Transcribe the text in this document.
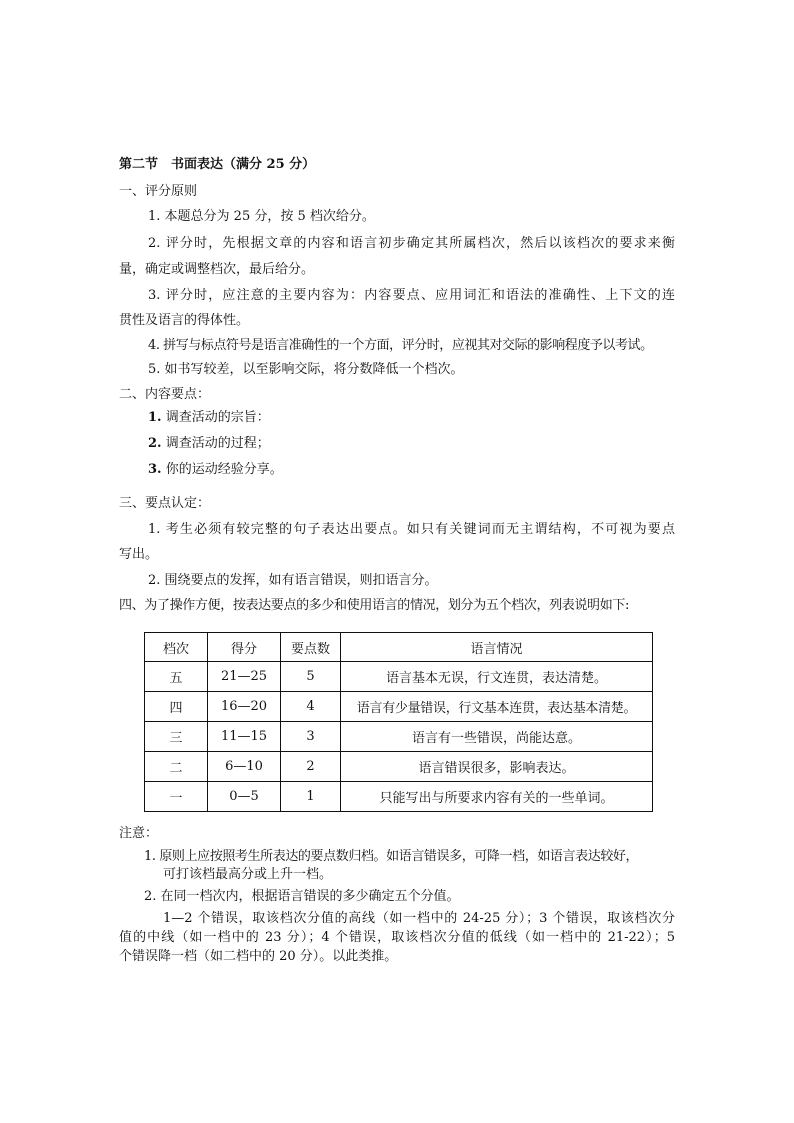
第二节　书面表达（满分 25 分）
一、评分原则
1. 本题总分为 25 分，按 5 档次给分。
2. 评分时，先根据文章的内容和语言初步确定其所属档次，然后以该档次的要求来衡
量，确定或调整档次，最后给分。
3. 评分时，应注意的主要内容为：内容要点、应用词汇和语法的准确性、上下文的连
贯性及语言的得体性。
4. 拼写与标点符号是语言准确性的一个方面，评分时，应视其对交际的影响程度予以考试。
5. 如书写较差，以至影响交际，将分数降低一个档次。
二、内容要点：
1. 调查活动的宗旨：
2. 调查活动的过程；
3. 你的运动经验分享。
三、要点认定：
1. 考生必须有较完整的句子表达出要点。如只有关键词而无主谓结构，不可视为要点
写出。
2. 围绕要点的发挥，如有语言错误，则扣语言分。
四、为了操作方便，按表达要点的多少和使用语言的情况，划分为五个档次，列表说明如下:
档次	得分	要点数	语言情况
五	21—25	5	语言基本无误，行文连贯，表达清楚。
四	16—20	4	语言有少量错误，行文基本连贯，表达基本清楚。
三	11—15	3	语言有一些错误，尚能达意。
二	6—10	2	语言错误很多，影响表达。
一	0—5	1	只能写出与所要求内容有关的一些单词。
注意：
1. 原则上应按照考生所表达的要点数归档。如语言错误多，可降一档，如语言表达较好，
可打该档最高分或上升一档。
2. 在同一档次内，根据语言错误的多少确定五个分值。
1—2 个错误，取该档次分值的高线（如一档中的 24-25 分）；3 个错误，取该档次分
值的中线（如一档中的 23 分）；4 个错误，取该档次分值的低线（如一档中的 21-22）；5
个错误降一档（如二档中的 20 分）。以此类推。
